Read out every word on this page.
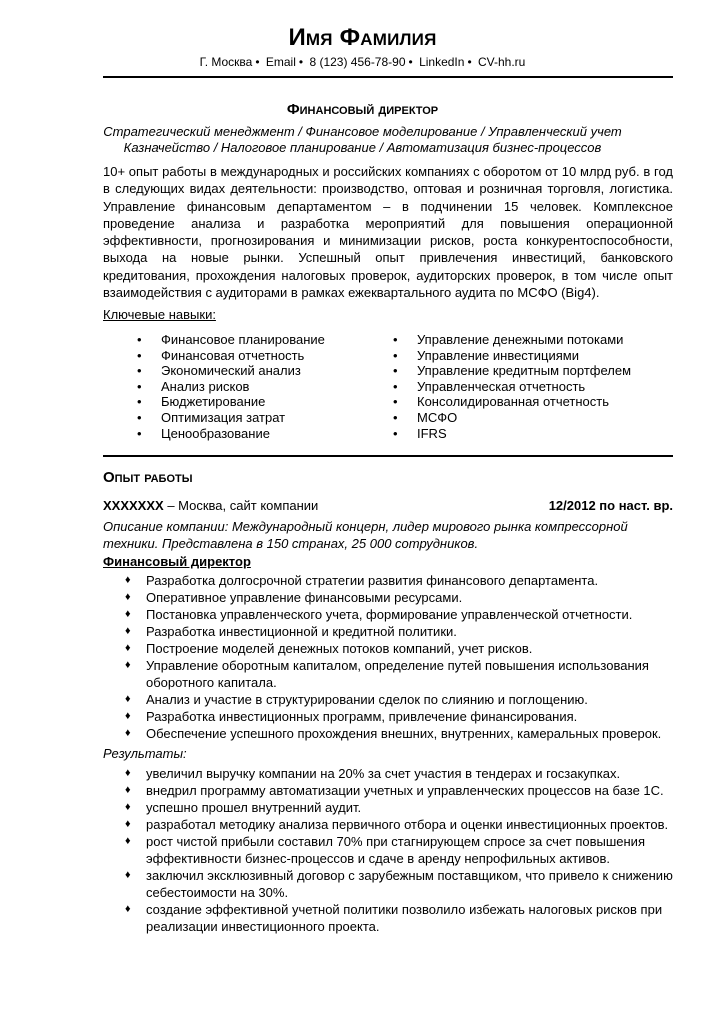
Имя Фамилия
Г. Москва • Email • 8 (123) 456-78-90 • LinkedIn • CV-hh.ru
Финансовый директор
Стратегический менеджмент / Финансовое моделирование / Управленческий учет
Казначейство / Налоговое планирование / Автоматизация бизнес-процессов
10+ опыт работы в международных и российских компаниях с оборотом от 10 млрд руб. в год в следующих видах деятельности: производство, оптовая и розничная торговля, логистика. Управление финансовым департаментом – в подчинении 15 человек. Комплексное проведение анализа и разработка мероприятий для повышения операционной эффективности, прогнозирования и минимизации рисков, роста конкурентоспособности, выхода на новые рынки. Успешный опыт привлечения инвестиций, банковского кредитования, прохождения налоговых проверок, аудиторских проверок, в том числе опыт взаимодействия с аудиторами в рамках ежеквартального аудита по МСФО (Big4).
Ключевые навыки:
• Финансовое планирование
• Финансовая отчетность
• Экономический анализ
• Анализ рисков
• Бюджетирование
• Оптимизация затрат
• Ценообразование
• Управление денежными потоками
• Управление инвестициями
• Управление кредитным портфелем
• Управленческая отчетность
• Консолидированная отчетность
• МСФО
• IFRS
Опыт работы
XXXXXXX – Москва, сайт компании	12/2012 по наст. вр.
Описание компании: Международный концерн, лидер мирового рынка компрессорной техники. Представлена в 150 странах, 25 000 сотрудников.
Финансовый директор
♦ Разработка долгосрочной стратегии развития финансового департамента.
♦ Оперативное управление финансовыми ресурсами.
♦ Постановка управленческого учета, формирование управленческой отчетности.
♦ Разработка инвестиционной и кредитной политики.
♦ Построение моделей денежных потоков компаний, учет рисков.
♦ Управление оборотным капиталом, определение путей повышения использования оборотного капитала.
♦ Анализ и участие в структурировании сделок по слиянию и поглощению.
♦ Разработка инвестиционных программ, привлечение финансирования.
♦ Обеспечение успешного прохождения внешних, внутренних, камеральных проверок.
Результаты:
♦ увеличил выручку компании на 20% за счет участия в тендерах и госзакупках.
♦ внедрил программу автоматизации учетных и управленческих процессов на базе 1С.
♦ успешно прошел внутренний аудит.
♦ разработал методику анализа первичного отбора и оценки инвестиционных проектов.
♦ рост чистой прибыли составил 70% при стагнирующем спросе за счет повышения эффективности бизнес-процессов и сдаче в аренду непрофильных активов.
♦ заключил эксклюзивный договор с зарубежным поставщиком, что привело к снижению себестоимости на 30%.
♦ создание эффективной учетной политики позволило избежать налоговых рисков при реализации инвестиционного проекта.
